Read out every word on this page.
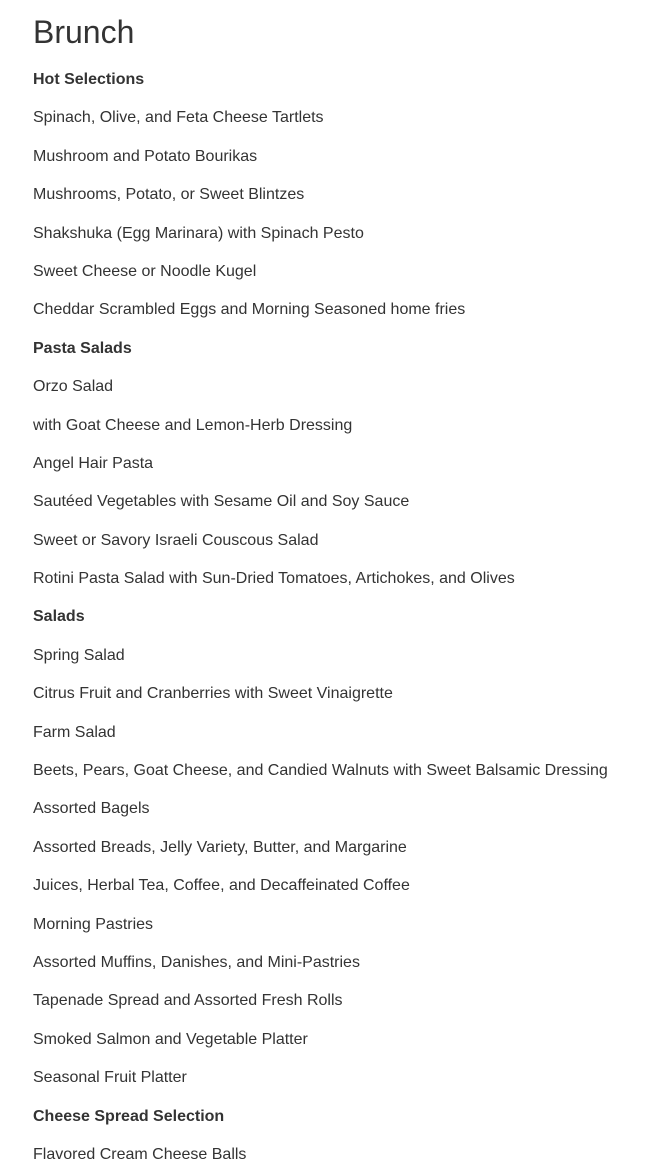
Brunch
Hot Selections
Spinach, Olive, and Feta Cheese Tartlets
Mushroom and Potato Bourikas
Mushrooms, Potato, or Sweet Blintzes
Shakshuka (Egg Marinara) with Spinach Pesto
Sweet Cheese or Noodle Kugel
Cheddar Scrambled Eggs and Morning Seasoned home fries
Pasta Salads
Orzo Salad
with Goat Cheese and Lemon-Herb Dressing
Angel Hair Pasta
Sautéed Vegetables with Sesame Oil and Soy Sauce
Sweet or Savory Israeli Couscous Salad
Rotini Pasta Salad with Sun-Dried Tomatoes, Artichokes, and Olives
Salads
Spring Salad
Citrus Fruit and Cranberries with Sweet Vinaigrette
Farm Salad
Beets, Pears, Goat Cheese, and Candied Walnuts with Sweet Balsamic Dressing
Assorted Bagels
Assorted Breads, Jelly Variety, Butter, and Margarine
Juices, Herbal Tea, Coffee, and Decaffeinated Coffee
Morning Pastries
Assorted Muffins, Danishes, and Mini-Pastries
Tapenade Spread and Assorted Fresh Rolls
Smoked Salmon and Vegetable Platter
Seasonal Fruit Platter
Cheese Spread Selection
Flavored Cream Cheese Balls
